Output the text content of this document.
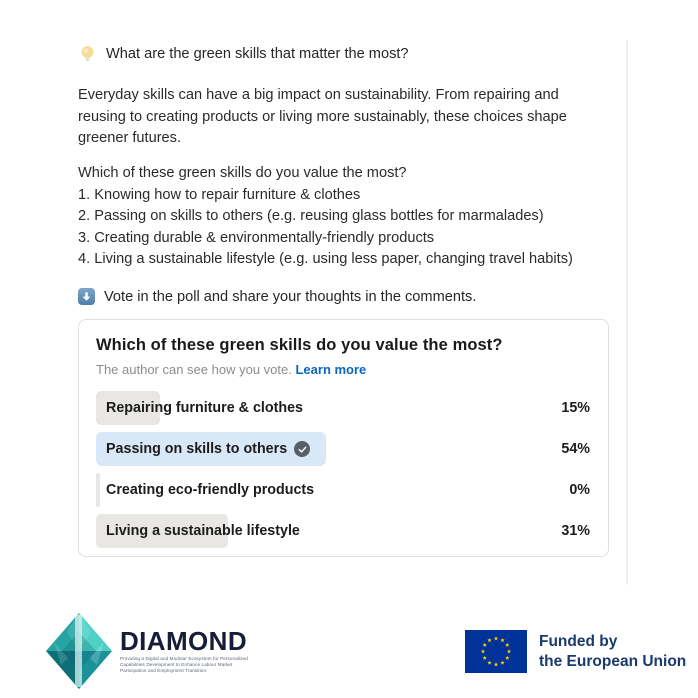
What are the green skills that matter the most?
Everyday skills can have a big impact on sustainability. From repairing and
reusing to creating products or living more sustainably, these choices shape
greener futures.
Which of these green skills do you value the most?
1. Knowing how to repair furniture & clothes
2. Passing on skills to others (e.g. reusing glass bottles for marmalades)
3. Creating durable & environmentally-friendly products
4. Living a sustainable lifestyle (e.g. using less paper, changing travel habits)
Vote in the poll and share your thoughts in the comments.
Which of these green skills do you value the most?
The author can see how you vote. Learn more
Repairing furniture & clothes	15%
Passing on skills to others	54%
Creating eco-friendly products	0%
Living a sustainable lifestyle	31%
DIAMOND
Providing a Digital and Modular Ecosystem for Personalized
Capabilities Development to Enhance Labour Market
Participation and Employment Transition.
Funded by
the European Union
